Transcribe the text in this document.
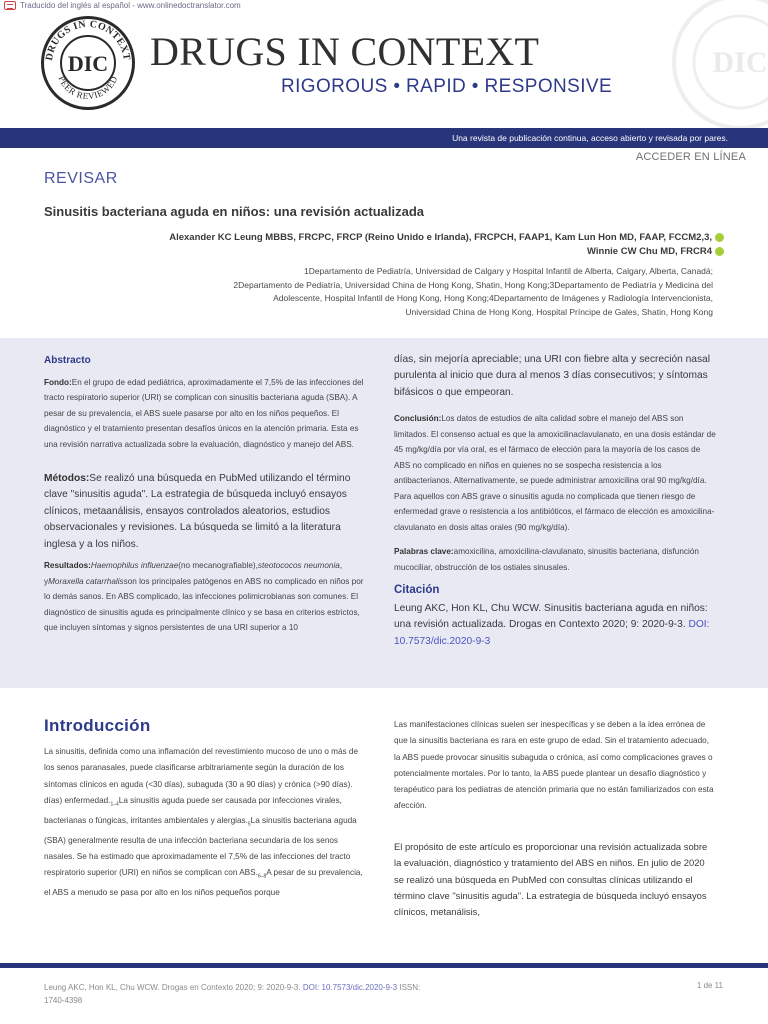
Traducido del inglés al español - www.onlinedoctranslator.com
DIC
DRUGS IN CONTEXT
PEER REVIEWED
DIC DRUGS IN CONTEXT
RIGOROUS • RAPID • RESPONSIVE
Una revista de publicación continua, acceso abierto y revisada por pares.
ACCEDER EN LÍNEA
REVISAR
Sinusitis bacteriana aguda en niños: una revisión actualizada
Alexander KC Leung MBBS, FRCPC, FRCP (Reino Unido e Irlanda), FRCPCH, FAAP1, Kam Lun Hon MD, FAAP, FCCM2,3,
Winnie CW Chu MD, FRCR4
1Departamento de Pediatría, Universidad de Calgary y Hospital Infantil de Alberta, Calgary, Alberta, Canadá;
2Departamento de Pediatría, Universidad China de Hong Kong, Shatin, Hong Kong;3Departamento de Pediatría y Medicina del
Adolescente, Hospital Infantil de Hong Kong, Hong Kong;4Departamento de Imágenes y Radiología Intervencionista,
Universidad China de Hong Kong, Hospital Príncipe de Gales, Shatin, Hong Kong

Abstracto

Fondo:En el grupo de edad pediátrica, aproximadamente el 7,5% de las infecciones del tracto respiratorio superior (URI) se complican con sinusitis bacteriana aguda (SBA). A pesar de su prevalencia, el ABS suele pasarse por alto en los niños pequeños. El diagnóstico y el tratamiento presentan desafíos únicos en la atención primaria. Esta es una revisión narrativa actualizada sobre la evaluación, diagnóstico y manejo del ABS.

Métodos:Se realizó una búsqueda en PubMed utilizando el término clave "sinusitis aguda". La estrategia de búsqueda incluyó ensayos clínicos, metaanálisis, ensayos controlados aleatorios, estudios observacionales y revisiones. La búsqueda se limitó a la literatura inglesa y a los niños.

Resultados:Haemophilus influenzae(no mecanografiable),steotococos neumonia, yMoraxella catarrhalisson los principales patógenos en ABS no complicado en niños por lo demás sanos. En ABS complicado, las infecciones polimicrobianas son comunes. El diagnóstico de sinusitis aguda es principalmente clínico y se basa en criterios estrictos, que incluyen síntomas y signos persistentes de una URI superior a 10

días, sin mejoría apreciable; una URI con fiebre alta y secreción nasal purulenta al inicio que dura al menos 3 días consecutivos; y síntomas bifásicos o que empeoran.

Conclusión:Los datos de estudios de alta calidad sobre el manejo del ABS son limitados. El consenso actual es que la amoxicilinaclavulanato, en una dosis estándar de 45 mg/kg/día por vía oral, es el fármaco de elección para la mayoría de los casos de ABS no complicado en niños en quienes no se sospecha resistencia a los antibacterianos. Alternativamente, se puede administrar amoxicilina oral 90 mg/kg/día. Para aquellos con ABS grave o sinusitis aguda no complicada que tienen riesgo de enfermedad grave o resistencia a los antibióticos, el fármaco de elección es amoxicilina-clavulanato en dosis altas orales (90 mg/kg/día).

Palabras clave:amoxicilina, amoxicilina-clavulanato, sinusitis bacteriana, disfunción mucociliar, obstrucción de los ostiales sinusales.

Citación

Leung AKC, Hon KL, Chu WCW. Sinusitis bacteriana aguda en niños: una revisión actualizada. Drogas en Contexto 2020; 9: 2020-9-3. DOI: 10.7573/dic.2020-9-3

Introducción

La sinusitis, definida como una inflamación del revestimiento mucoso de uno o más de los senos paranasales, puede clasificarse arbitrariamente según la duración de los síntomas clínicos en aguda (<30 días), subaguda (30 a 90 días) y crónica (>90 días). días) $enfermedad._{1-4}La$ sinusitis aguda puede ser causada por infecciones virales, bacterianas o fúngicas, irritantes ambientales y $alergias._5La$ sinusitis bacteriana aguda (SBA) generalmente resulta de una infección bacteriana secundaria de los senos nasales. Se ha estimado que aproximadamente el 7,5% de las infecciones del tracto respiratorio superior (URI) en niños se complican con $ABS._{6-8}A$ pesar de su prevalencia, el ABS a menudo se pasa por alto en los niños pequeños porque

Las manifestaciones clínicas suelen ser inespecíficas y se deben a la idea errónea de que la sinusitis bacteriana es rara en este grupo de edad. Sin el tratamiento adecuado, la ABS puede provocar sinusitis subaguda o crónica, así como complicaciones graves o potencialmente mortales. Por lo tanto, la ABS puede plantear un desafío diagnóstico y terapéutico para los pediatras de atención primaria que no están familiarizados con esta afección.

El propósito de este artículo es proporcionar una revisión actualizada sobre la evaluación, diagnóstico y tratamiento del ABS en niños. En julio de 2020 se realizó una búsqueda en PubMed con consultas clínicas utilizando el término clave "sinusitis aguda". La estrategia de búsqueda incluyó ensayos clínicos, metanálisis,

Leung AKC, Hon KL, Chu WCW. Drogas en Contexto 2020; 9: 2020-9-3. DOI: 10.7573/dic.2020-9-3 ISSN: 1740-4398
1 de 11
